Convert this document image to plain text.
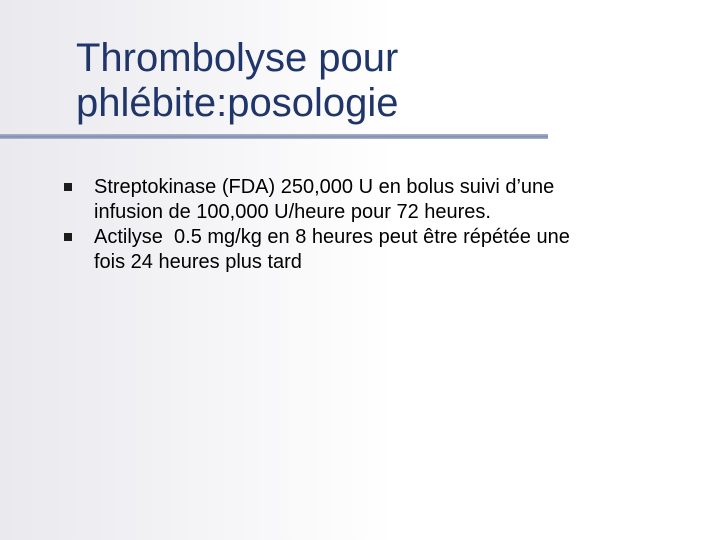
Thrombolyse pour
phlébite:posologie
Streptokinase (FDA) 250,000 U en bolus suivi d’une
infusion de 100,000 U/heure pour 72 heures.
Actilyse  0.5 mg/kg en 8 heures peut être répétée une
fois 24 heures plus tard
